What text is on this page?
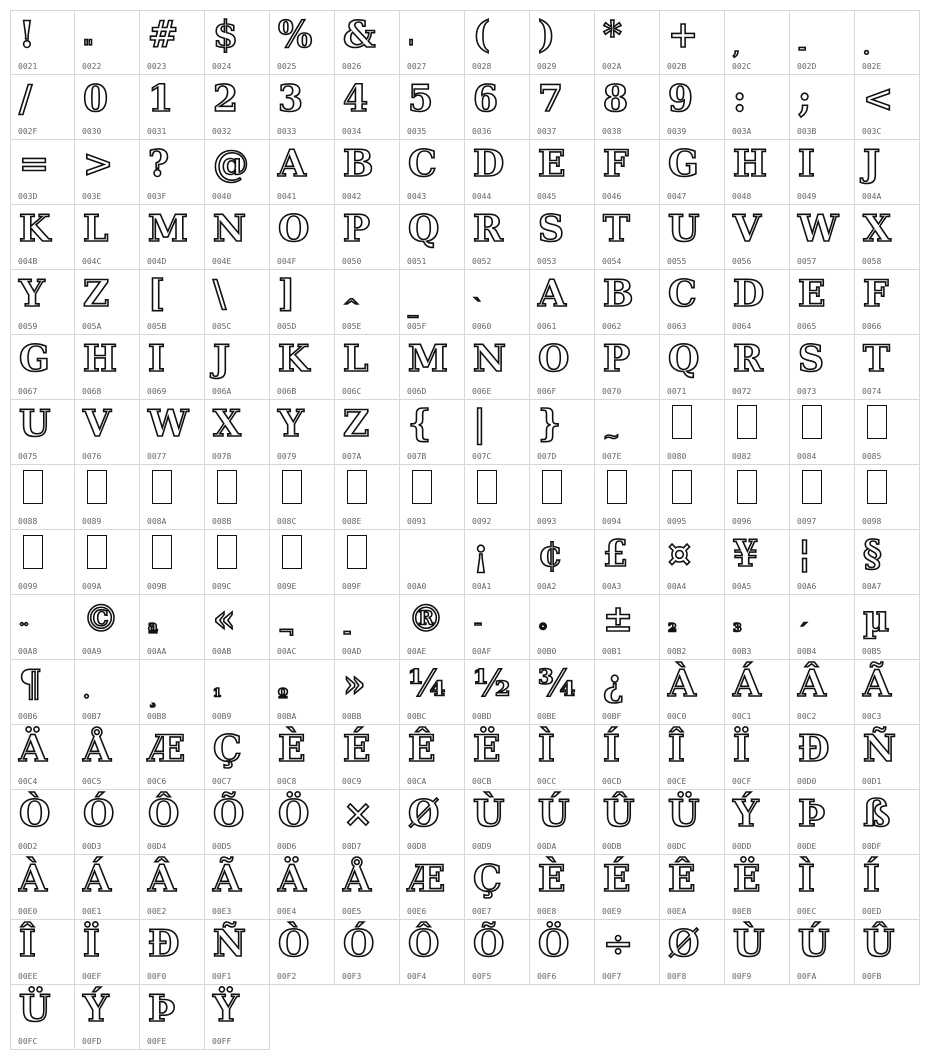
!
0021
"
0022
#
0023
$
0024
%
0025
&
0026
'
0027
(
0028
)
0029
*
002A
+
002B
,
002C
-
002D
.
002E
/
002F
0
0030
1
0031
2
0032
3
0033
4
0034
5
0035
6
0036
7
0037
8
0038
9
0039
:
003A
;
003B
<
003C
=
003D
>
003E
?
003F
@
0040
A
0041
B
0042
C
0043
D
0044
E
0045
F
0046
G
0047
H
0048
I
0049
J
004A
K
004B
L
004C
M
004D
N
004E
O
004F
P
0050
Q
0051
R
0052
S
0053
T
0054
U
0055
V
0056
W
0057
X
0058
Y
0059
Z
005A
[
005B
\
005C
]
005D
^
005E
_
005F
`
0060
A
0061
B
0062
C
0063
D
0064
E
0065
F
0066
G
0067
H
0068
I
0069
J
006A
K
006B
L
006C
M
006D
N
006E
O
006F
P
0070
Q
0071
R
0072
S
0073
T
0074
U
0075
V
0076
W
0077
X
0078
Y
0079
Z
007A
{
007B
|
007C
}
007D
~
007E	0080	0082	0084	0085
0088	0089	008A	008B	008C	008E	0091	0092	0093	0094	0095	0096	0097	0098
0099	009A	009B	009C	009E	009F	00A0
¡
00A1
¢
00A2
£
00A3
¤
00A4
¥
00A5
¦
00A6
§
00A7
¨
00A8
©
00A9
ª
00AA
«
00AB
¬
00AC
-
00AD
®
00AE
¯
00AF
°
00B0
±
00B1
²
00B2
³
00B3
´
00B4
µ
00B5
¶
00B6
·
00B7
¸
00B8
¹
00B9
º
00BA
»
00BB
¼
00BC
½
00BD
¾
00BE
¿
00BF
À
00C0
Á
00C1
Â
00C2
Ã
00C3
Ä
00C4
Å
00C5
Æ
00C6
Ç
00C7
È
00C8
É
00C9
Ê
00CA
Ë
00CB
Ì
00CC
Í
00CD
Î
00CE
Ï
00CF
Ð
00D0
Ñ
00D1
Ò
00D2
Ó
00D3
Ô
00D4
Õ
00D5
Ö
00D6
×
00D7
Ø
00D8
Ù
00D9
Ú
00DA
Û
00DB
Ü
00DC
Ý
00DD
Þ
00DE
ß
00DF
À
00E0
Á
00E1
Â
00E2
Ã
00E3
Ä
00E4
Å
00E5
Æ
00E6
Ç
00E7
È
00E8
É
00E9
Ê
00EA
Ë
00EB
Ì
00EC
Í
00ED
Î
00EE
Ï
00EF
Ð
00F0
Ñ
00F1
Ò
00F2
Ó
00F3
Ô
00F4
Õ
00F5
Ö
00F6
÷
00F7
Ø
00F8
Ù
00F9
Ú
00FA
Û
00FB
Ü
00FC
Ý
00FD
Þ
00FE
Ÿ
00FF
